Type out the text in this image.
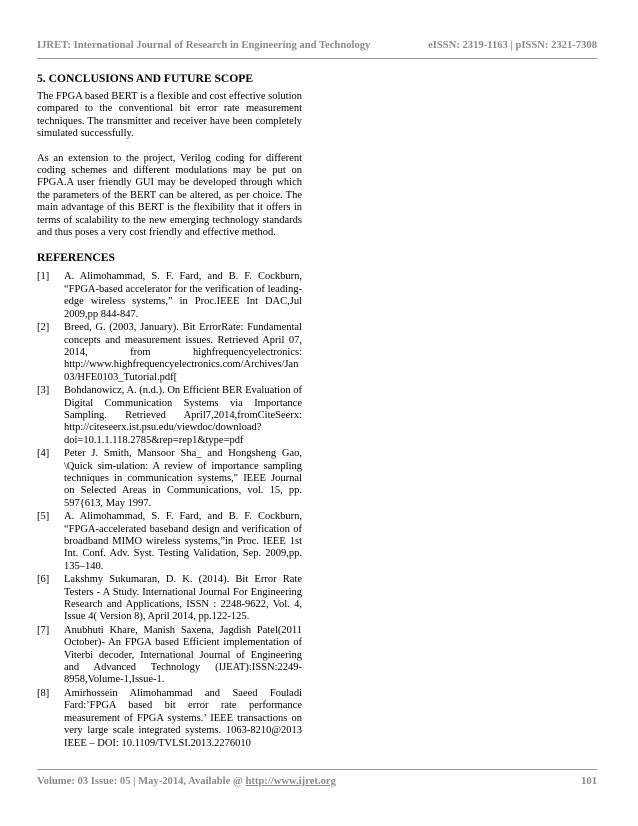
IJRET: International Journal of Research in Engineering and Technology	eISSN: 2319-1163 | pISSN: 2321-7308
5. CONCLUSIONS AND FUTURE SCOPE

The FPGA based BERT is a flexible and cost effective solution compared to the conventional bit error rate measurement techniques. The transmitter and receiver have been completely simulated successfully.

As an extension to the project, Verilog coding for different coding schemes and different modulations may be put on FPGA.A user friendly GUI may be developed through which the parameters of the BERT can be altered, as per choice. The main advantage of this BERT is the flexibility that it offers in terms of scalability to the new emerging technology standards and thus poses a very cost friendly and effective method.

REFERENCES
[1]	A. Alimohammad, S. F. Fard, and B. F. Cockburn, “FPGA-based accelerator for the verification of leading-edge wireless systems,” in Proc.IEEE Int DAC,Jul 2009,pp 844-847.
[2]	Breed, G. (2003, January). Bit ErrorRate: Fundamental concepts and measurement issues. Retrieved April 07, 2014, from highfrequencyelectronics: http://www.highfrequencyelectronics.com/Archives/Jan03/HFE0103_Tutorial.pdf[
[3]	Bohdanowicz, A. (n.d.). On Efficient BER Evaluation of Digital Communication Systems via Importance Sampling. Retrieved April7,2014,fromCiteSeerx: http://citeseerx.ist.psu.edu/viewdoc/download?doi=10.1.1.118.2785&rep=rep1&type=pdf
[4]	Peter J. Smith, Mansoor Sha_ and Hongsheng Gao, \Quick sim-ulation: A review of importance sampling techniques in communication systems," IEEE Journal on Selected Areas in Communications, vol. 15, pp. 597{613, May 1997.
[5]	A. Alimohammad, S. F. Fard, and B. F. Cockburn, “FPGA-accelerated baseband design and verification of broadband MIMO wireless systems,”in Proc. IEEE 1st Int. Conf. Adv. Syst. Testing Validation, Sep. 2009,pp. 135–140.
[6]	Lakshmy Sukumaran, D. K. (2014). Bit Error Rate Testers - A Study. International Journal For Engineering Research and Applications, ISSN : 2248-9622, Vol. 4, Issue 4( Version 8), April 2014, pp.122-125.
[7]	Anubhuti Khare, Manish Saxena, Jagdish Patel(2011 October)- An FPGA based Efficient implementation of Viterbi decoder, International Journal of Engineering and Advanced Technology (IJEAT):ISSN:2249-8958,Volume-1,Issue-1.
[8]	Amirhossein Alimohammad and Saeed Fouladi Fard:’FPGA based bit error rate performance measurement of FPGA systems.’ IEEE transactions on very large scale integrated systems. 1063-8210@2013 IEEE – DOI: 10.1109/TVLSI.2013.2276010
Volume: 03 Issue: 05 | May-2014, Available @ http://www.ijret.org	101
